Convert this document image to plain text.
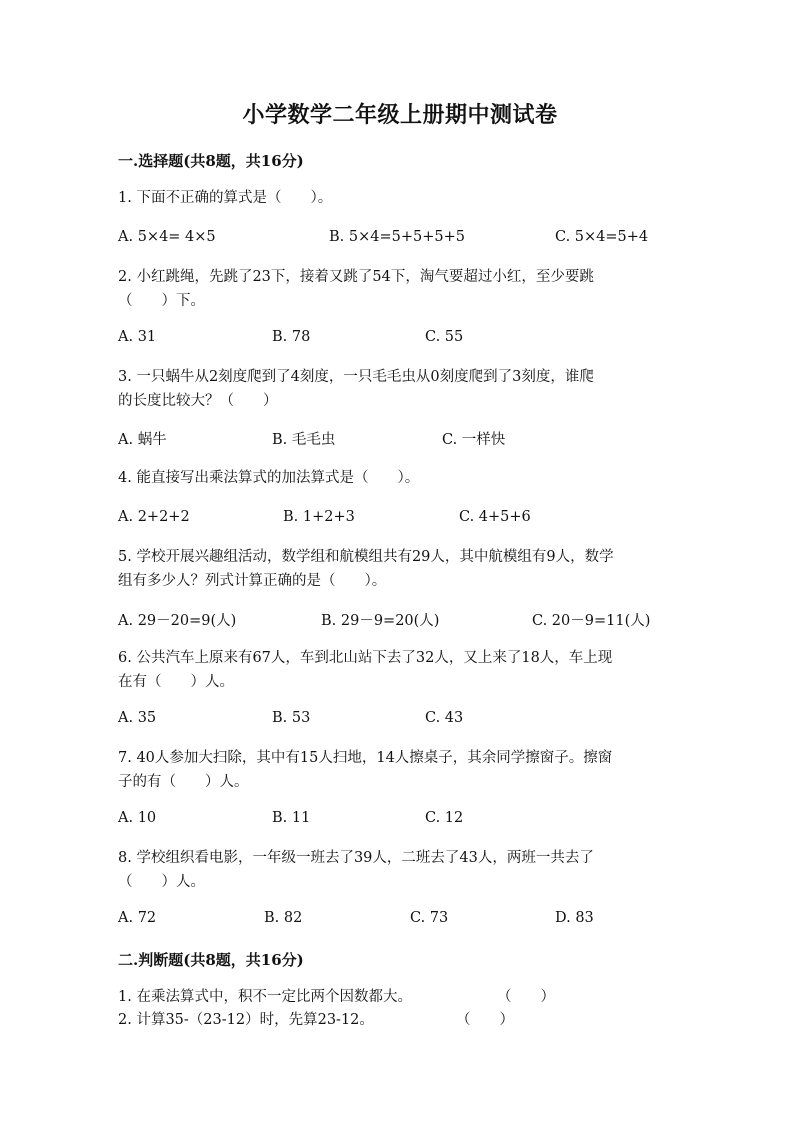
小学数学二年级上册期中测试卷
一.选择题(共8题，共16分)
1. 下面不正确的算式是（　　）。
A. 5×4= 4×5	B. 5×4=5+5+5+5	C. 5×4=5+4
2. 小红跳绳，先跳了23下，接着又跳了54下，淘气要超过小红，至少要跳
（　　）下。
A. 31	B. 78	C. 55
3. 一只蜗牛从2刻度爬到了4刻度，一只毛毛虫从0刻度爬到了3刻度，谁爬
的长度比较大？（　　）
A. 蜗牛	B. 毛毛虫	C. 一样快
4. 能直接写出乘法算式的加法算式是（　　）。
A. 2+2+2	B. 1+2+3	C. 4+5+6
5. 学校开展兴趣组活动，数学组和航模组共有29人，其中航模组有9人，数学
组有多少人？列式计算正确的是（　　）。
A. 29－20=9(人)	B. 29－9=20(人)	C. 20－9=11(人)
6. 公共汽车上原来有67人，车到北山站下去了32人，又上来了18人，车上现
在有（　　）人。
A. 35	B. 53	C. 43
7. 40人参加大扫除，其中有15人扫地，14人擦桌子，其余同学擦窗子。擦窗
子的有（　　）人。
A. 10	B. 11	C. 12
8. 学校组织看电影，一年级一班去了39人，二班去了43人，两班一共去了
（　　）人。
A. 72	B. 82	C. 73	D. 83
二.判断题(共8题，共16分)
1. 在乘法算式中，积不一定比两个因数都大。	（　　）
2. 计算35-（23-12）时，先算23-12。	（　　）
